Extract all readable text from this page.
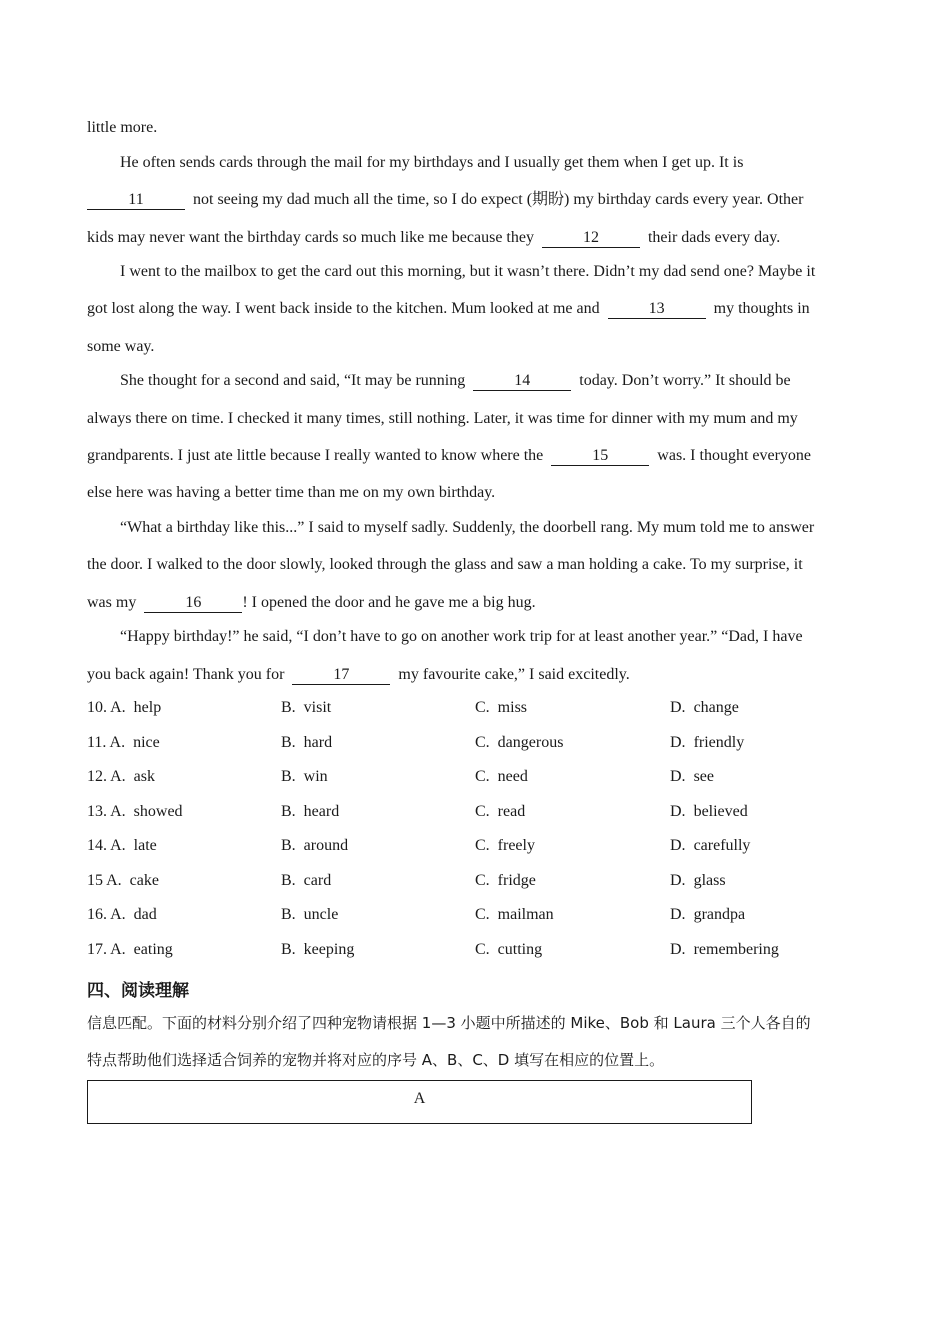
little more.
He often sends cards through the mail for my birthdays and I usually get them when I get up. It is
11	not seeing my dad much all the time, so I do expect (期盼) my birthday cards every year. Other
kids may never want the birthday cards so much like me because they	12	their dads every day.
I went to the mailbox to get the card out this morning, but it wasn’t there. Didn’t my dad send one? Maybe it
got lost along the way. I went back inside to the kitchen. Mum looked at me and	13	my thoughts in
some way.
She thought for a second and said, “It may be running	14	today. Don’t worry.” It should be
always there on time. I checked it many times, still nothing. Later, it was time for dinner with my mum and my
grandparents. I just ate little because I really wanted to know where the	15	was. I thought everyone
else here was having a better time than me on my own birthday.
“What a birthday like this...” I said to myself sadly. Suddenly, the doorbell rang. My mum told me to answer
the door. I walked to the door slowly, looked through the glass and saw a man holding a cake. To my surprise, it
was my	16	! I opened the door and he gave me a big hug.
“Happy birthday!” he said, “I don’t have to go on another work trip for at least another year.” “Dad, I have
you back again! Thank you for	17	my favourite cake,” I said excitedly.
10. A. help	B. visit	C. miss	D. change
11. A. nice	B. hard	C. dangerous	D. friendly
12. A. ask	B. win	C. need	D. see
13. A. showed	B. heard	C. read	D. believed
14. A. late	B. around	C. freely	D. carefully
15 A. cake	B. card	C. fridge	D. glass
16. A. dad	B. uncle	C. mailman	D. grandpa
17. A. eating	B. keeping	C. cutting	D. remembering
四、阅读理解
信息匹配。下面的材料分别介绍了四种宠物请根据 1—3 小题中所描述的 Mike、Bob 和 Laura 三个人各自的
特点帮助他们选择适合饲养的宠物并将对应的序号 A、B、C、D 填写在相应的位置上。
A
